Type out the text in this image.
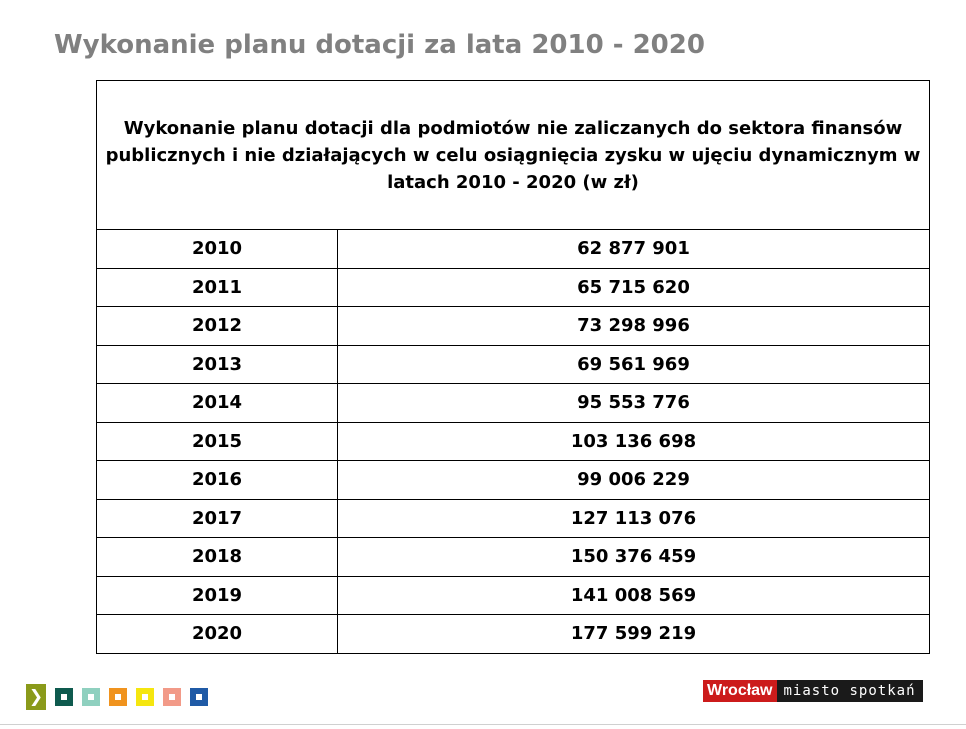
Wykonanie planu dotacji za lata 2010 - 2020
Wykonanie planu dotacji dla podmiotów nie zaliczanych do sektora finansów publicznych i nie działających w celu osiągnięcia zysku w ujęciu dynamicznym w latach 2010 - 2020 (w zł)	
2010	62 877 901
2011	65 715 620
2012	73 298 996
2013	69 561 969
2014	95 553 776
2015	103 136 698
2016	99 006 229
2017	127 113 076
2018	150 376 459
2019	141 008 569
2020	177 599 219
❯	Wrocław miasto spotkań
